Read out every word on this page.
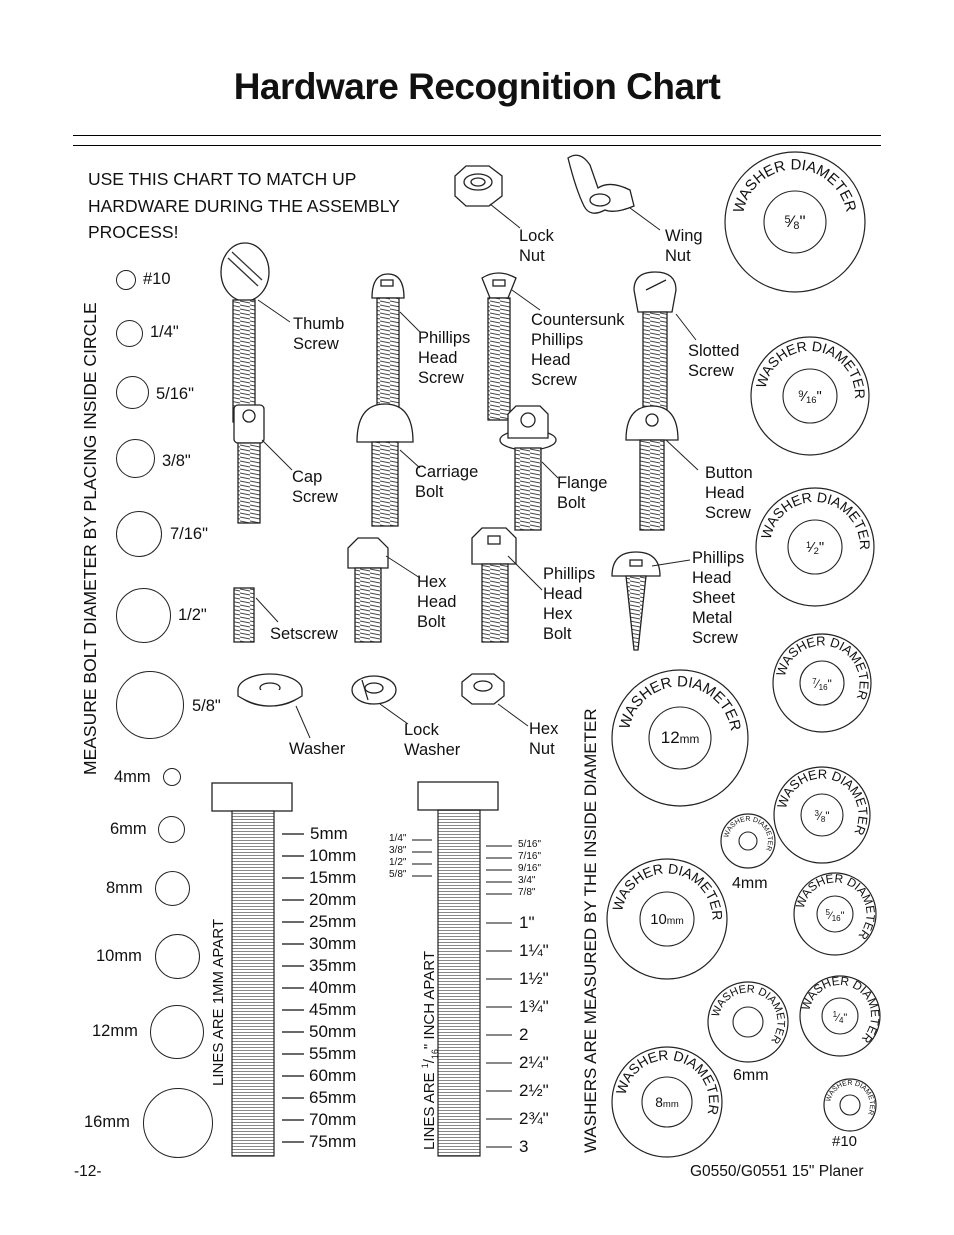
Hardware Recognition Chart
USE THIS CHART TO MATCH UP
HARDWARE DURING THE ASSEMBLY
PROCESS!
MEASURE BOLT DIAMETER BY PLACING INSIDE CIRCLE
#10
1/4"
5/16"
3/8"
7/16"
1/2"
5/8"
4mm
6mm
8mm
10mm
12mm
16mm
Lock
Nut
Wing
Nut
Thumb
Screw	Phillips
Head
Screw
Countersunk
Phillips
Head
Screw
Slotted
Screw
Cap
Screw
Carriage
Bolt	Flange
Bolt
Button
Head
Screw
Setscrew
Hex
Head
Bolt
Phillips
Head
Hex
Bolt
Phillips
Head
Sheet
Metal
Screw
Washer
Lock
Washer
Hex
Nut
LINES ARE 1MM APART
LINES ARE $^1/_{16}$" INCH APART
5mm
10mm
15mm
20mm
25mm
30mm
35mm
40mm
45mm
50mm
55mm
60mm
65mm
70mm
75mm
1/4"
3/8"
1/2"
5/8"
5/16"
7/16"
9/16"
3/4"
7/8"
1"
1¼"
1½"
1¾"
2
2¼"
2½"
2¾"
3	WASHERS ARE MEASURED BY THE INSIDE DIAMETER
WASHER DIAMETER
$^5$⁄8"
WASHER DIAMETER
$^9$⁄16"
WASHER DIAMETER
$^1$⁄2"
WASHER DIAMETER
$^7$⁄16"
WASHER DIAMETER
$^3$⁄8"
WASHER DIAMETER
$^5$⁄16"
WASHER DIAMETER
$^1$⁄4"
WASHER DIAMETER
12mm
WASHER DIAMETER
10mm
WASHER DIAMETER
8mm
WASHER DIAMETER
WASHER DIAMETER
WASHER DIAMETER
4mm
6mm
#10
-12-	G0550/G0551 15" Planer
